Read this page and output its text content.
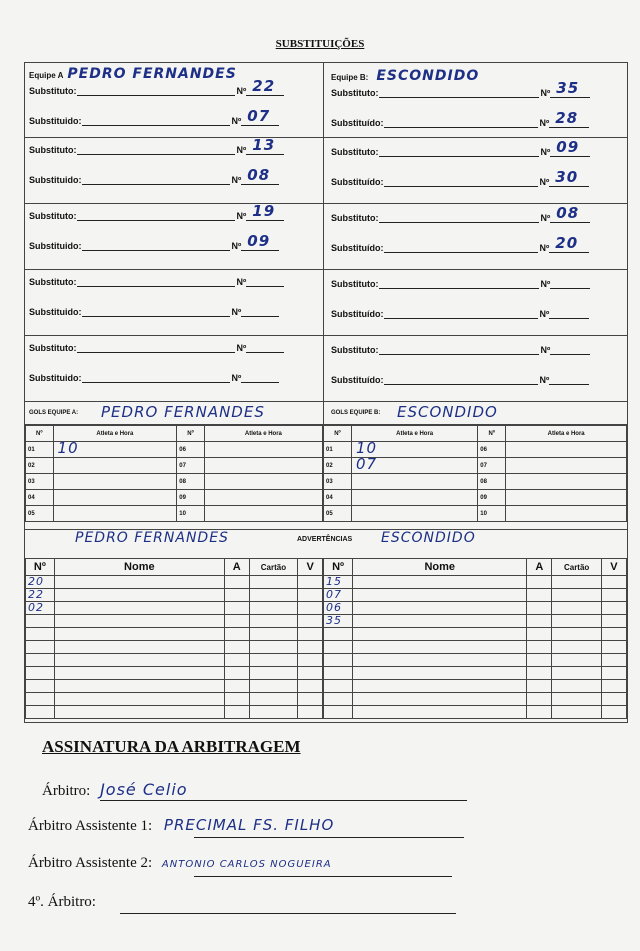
SUBSTITUIÇÕES
Equipe A PEDRO FERNANDES	Equipe B: ESCONDIDO
Substituto:	Nº 22	Substituto:	Nº 35
Substituido:	Nº 07	Substituído:	Nº 28
Substituto:	Nº 13	Substituto:	Nº 09
Substituido:	Nº 08	Substituído:	Nº 30
Substituto:	Nº 19	Substituto:	Nº 08
Substituido:	Nº 09	Substituído:	Nº 20
Substituto:	Nº	Substituto:	Nº
Substituido:	Nº	Substituído:	Nº
Substituto:	Nº	Substituto:	Nº
Substituido:	Nº	Substituído:	Nº
GOLS EQUIPE A: PEDRO FERNANDES	GOLS EQUIPE B: ESCONDIDO
Nº	Atleta e Hora	Nº	Atleta e Hora
01	10	06	
02		07	
03		08	
04		09	
05		10	
Nº	Atleta e Hora	Nº	Atleta e Hora
01	10	06	
02	07	07	
03		08	
04		09	
05		10	
PEDRO FERNANDES	ADVERTÊNCIAS ESCONDIDO
Nº	Nome	A	Cartão	V

20				

22				

02				

Nº	Nome	A	Cartão	V

15				

07				

06				

35				

ASSINATURA DA ARBITRAGEM
Árbitro: José Celio
Árbitro Assistente 1: PRECIMAL FS. FILHO
Árbitro Assistente 2: ANTONIO CARLOS NOGUEIRA
4º. Árbitro:
